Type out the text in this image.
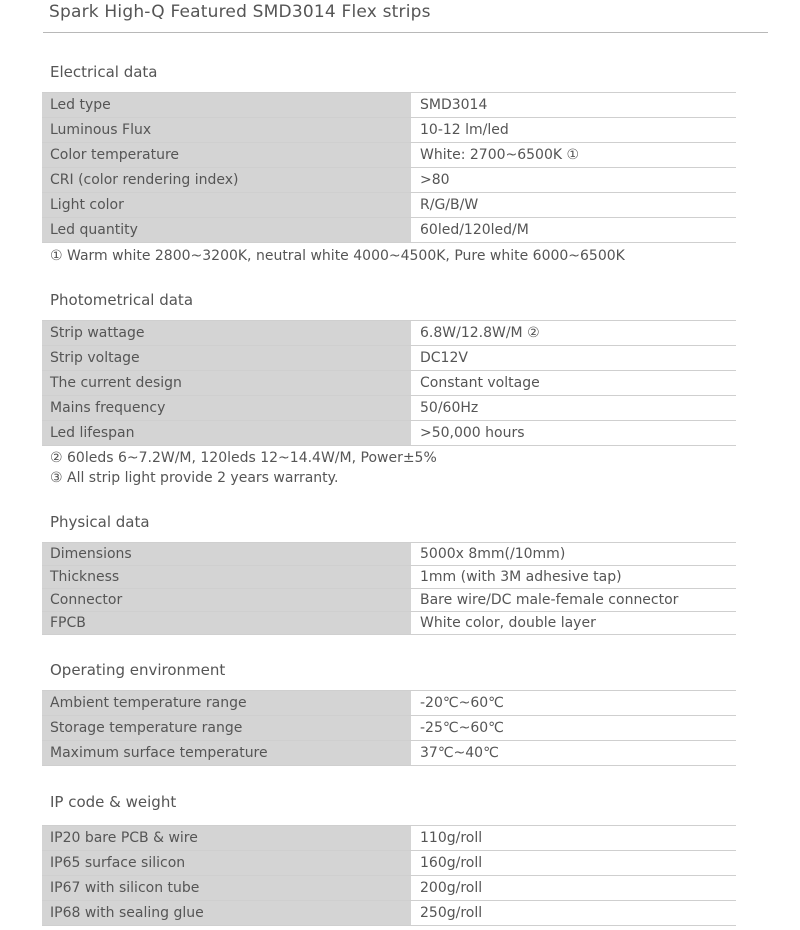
Spark High-Q Featured SMD3014 Flex strips
Electrical data
Led type	SMD3014
Luminous Flux	10-12 lm/led
Color temperature	White: 2700~6500K ①
CRI (color rendering index)	>80
Light color	R/G/B/W
Led quantity	60led/120led/M
① Warm white 2800~3200K, neutral white 4000~4500K, Pure white 6000~6500K
Photometrical data
Strip wattage	6.8W/12.8W/M ②
Strip voltage	DC12V
The current design	Constant voltage
Mains frequency	50/60Hz
Led lifespan	>50,000 hours
② 60leds 6~7.2W/M, 120leds 12~14.4W/M, Power±5%
③ All strip light provide 2 years warranty.
Physical data
Dimensions	5000x 8mm(/10mm)
Thickness	1mm (with 3M adhesive tap)
Connector	Bare wire/DC male-female connector
FPCB	White color, double layer
Operating environment
Ambient temperature range	-20℃~60℃
Storage temperature range	-25℃~60℃
Maximum surface temperature	37℃~40℃
IP code & weight
IP20 bare PCB & wire	110g/roll
IP65 surface silicon	160g/roll
IP67 with silicon tube	200g/roll
IP68 with sealing glue	250g/roll
